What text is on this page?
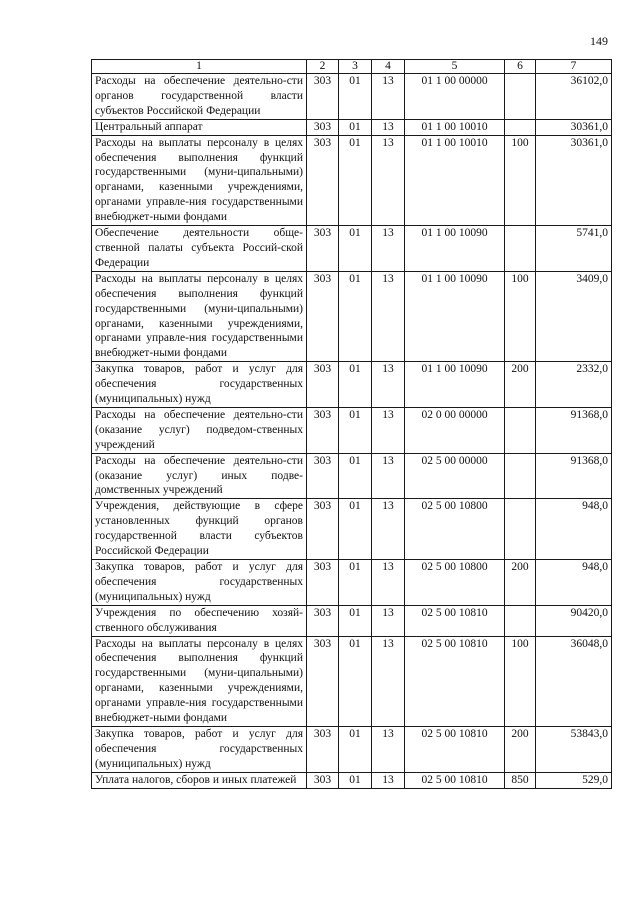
149
1	2	3	4	5	6	7
Расходы на обеспечение деятельно-сти органов государственной власти субъектов Российской Федерации	303	01	13	01 1 00 00000		36102,0
Центральный аппарат	303	01	13	01 1 00 10010		30361,0
Расходы на выплаты персоналу в целях обеспечения выполнения функций государственными (муни-ципальными) органами, казенными учреждениями, органами управле-ния государственными внебюджет-ными фондами	303	01	13	01 1 00 10010	100	30361,0
Обеспечение деятельности обще-ственной палаты субъекта Россий-ской Федерации	303	01	13	01 1 00 10090		5741,0
Расходы на выплаты персоналу в целях обеспечения выполнения функций государственными (муни-ципальными) органами, казенными учреждениями, органами управле-ния государственными внебюджет-ными фондами	303	01	13	01 1 00 10090	100	3409,0
Закупка товаров, работ и услуг для обеспечения государственных (муниципальных) нужд	303	01	13	01 1 00 10090	200	2332,0
Расходы на обеспечение деятельно-сти (оказание услуг) подведом-ственных учреждений	303	01	13	02 0 00 00000		91368,0
Расходы на обеспечение деятельно-сти (оказание услуг) иных подве-домственных учреждений	303	01	13	02 5 00 00000		91368,0
Учреждения, действующие в сфере установленных функций органов государственной власти субъектов Российской Федерации	303	01	13	02 5 00 10800		948,0
Закупка товаров, работ и услуг для обеспечения государственных (муниципальных) нужд	303	01	13	02 5 00 10800	200	948,0
Учреждения по обеспечению хозяй-ственного обслуживания	303	01	13	02 5 00 10810		90420,0
Расходы на выплаты персоналу в целях обеспечения выполнения функций государственными (муни-ципальными) органами, казенными учреждениями, органами управле-ния государственными внебюджет-ными фондами	303	01	13	02 5 00 10810	100	36048,0
Закупка товаров, работ и услуг для обеспечения государственных (муниципальных) нужд	303	01	13	02 5 00 10810	200	53843,0
Уплата налогов, сборов и иных платежей	303	01	13	02 5 00 10810	850	529,0
